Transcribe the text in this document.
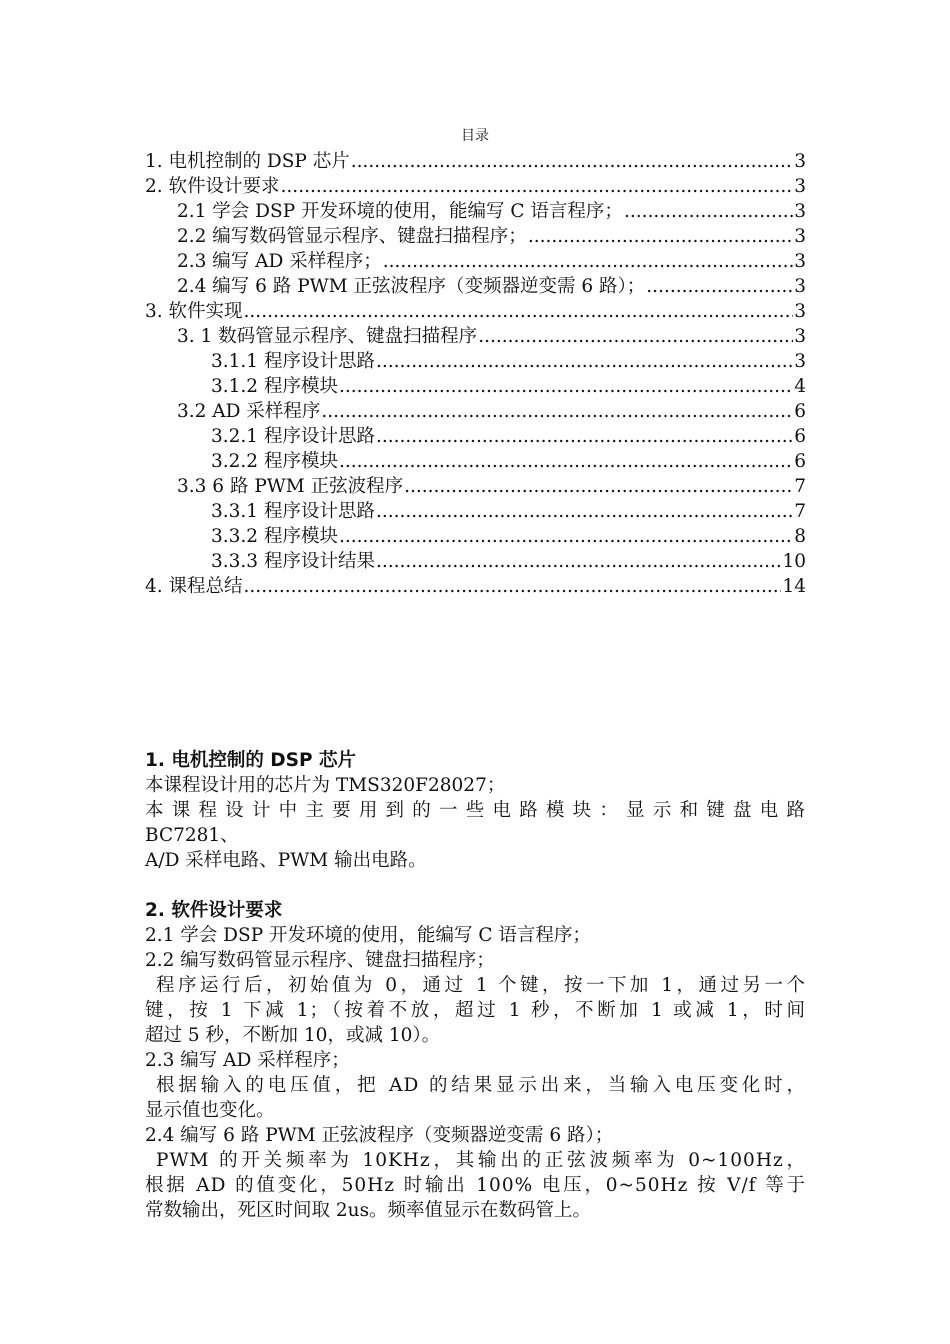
目录
1. 电机控制的 DSP 芯片 .....	3
2. 软件设计要求 .....	3
2.1 学会 DSP 开发环境的使用，能编写 C 语言程序； .....	3
2.2 编写数码管显示程序、键盘扫描程序； .....	3
2.3 编写 AD 采样程序； .....	3
2.4 编写 6 路 PWM 正弦波程序（变频器逆变需 6 路）； .....	3
3. 软件实现 .....	3
3. 1 数码管显示程序、键盘扫描程序 .....	3
3.1.1 程序设计思路 .....	3
3.1.2 程序模块 .....	4
3.2 AD 采样程序 .....	6
3.2.1 程序设计思路 .....	6
3.2.2 程序模块 .....	6
3.3 6 路 PWM 正弦波程序 .....	7
3.3.1 程序设计思路 .....	7
3.3.2 程序模块 .....	8
3.3.3 程序设计结果 .....	10
4. 课程总结 .....	14
1. 电机控制的 DSP 芯片

本课程设计用的芯片为 TMS320F28027；

本课程设计中主要用到的一些电路模块：显示和键盘电路

BC7281、

A/D 采样电路、PWM 输出电路。

2. 软件设计要求

2.1 学会 DSP 开发环境的使用，能编写 C 语言程序；

2.2 编写数码管显示程序、键盘扫描程序；

程序运行后，初始值为 0，通过 1 个键，按一下加 1，通过另一个

键，按 1 下减 1；（按着不放，超过 1 秒，不断加 1 或减 1，时间

超过 5 秒，不断加 10，或减 10）。

2.3 编写 AD 采样程序；

根据输入的电压值，把 AD 的结果显示出来，当输入电压变化时，

显示值也变化。

2.4 编写 6 路 PWM 正弦波程序（变频器逆变需 6 路）；

PWM 的开关频率为 10KHz，其输出的正弦波频率为 0~100Hz，

根据 AD 的值变化，50Hz 时输出 100% 电压，0~50Hz 按 V/f 等于

常数输出，死区时间取 2us。频率值显示在数码管上。
